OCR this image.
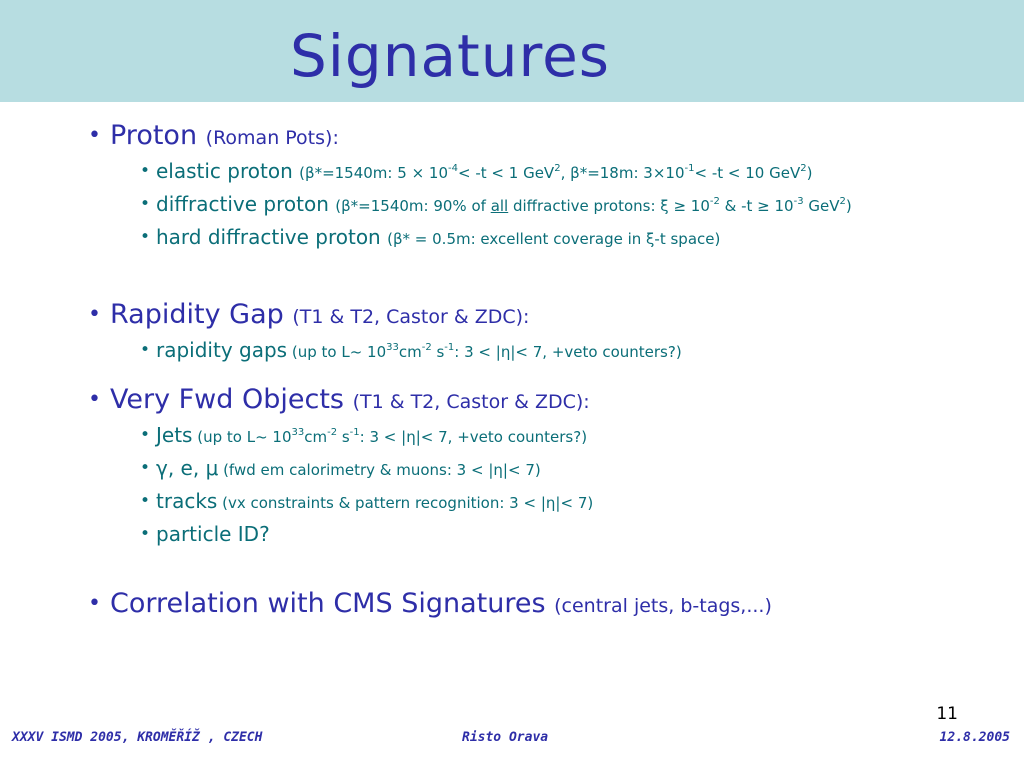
Signatures
• Proton (Roman Pots):
• elastic proton (β*=1540m: $5 \times 10^{-4}< -t < 1$ GeV$^2$, β*=18m: $3\times 10^{-1}< -t < 10$ GeV$^2$)
• diffractive proton (β*=1540m: 90% of all diffractive protons: $\xi \ge 10^{-2}$ & $-t \ge 10^{-3}$ GeV$^2$)
• hard diffractive proton (β* = 0.5m: excellent coverage in ξ-t space)
• Rapidity Gap (T1 & T2, Castor & ZDC):
• rapidity gaps (up to L~ $10^{33}cm^{-2}$ $s^{-1}$: 3 < |η|< 7, +veto counters?)
• Very Fwd Objects (T1 & T2, Castor & ZDC):
• Jets (up to L~ $10^{33}cm^{-2}$ $s^{-1}$: 3 < |η|< 7, +veto counters?)
• γ, e, μ (fwd em calorimetry & muons: 3 < |η|< 7)
• tracks (vx constraints & pattern recognition: 3 < |η|< 7)
• particle ID?
• Correlation with CMS Signatures (central jets, b-tags,...)
11
XXXV ISMD 2005, KROMĚŘÍŽ , CZECH	Risto Orava	12.8.2005
